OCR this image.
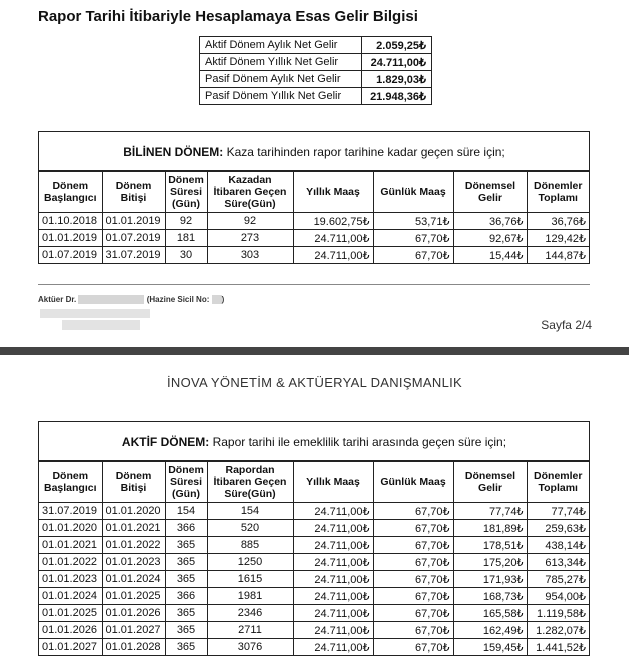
Rapor Tarihi İtibariyle Hesaplamaya Esas Gelir Bilgisi
Aktif Dönem Aylık Net Gelir	2.059,25₺
Aktif Dönem Yıllık Net Gelir	24.711,00₺
Pasif Dönem Aylık Net Gelir	1.829,03₺
Pasif Dönem Yıllık Net Gelir	21.948,36₺
BİLİNEN DÖNEM: Kaza tarihinden rapor tarihine kadar geçen süre için;
Dönem Başlangıcı	Dönem Bitişi	Dönem Süresi (Gün)	Kazadan İtibaren Geçen Süre(Gün)	Yıllık Maaş	Günlük Maaş	Dönemsel Gelir	Dönemler Toplamı
01.10.2018	01.01.2019	92	92	19.602,75₺	53,71₺	36,76₺	36,76₺
01.01.2019	01.07.2019	181	273	24.711,00₺	67,70₺	92,67₺	129,42₺
01.07.2019	31.07.2019	30	303	24.711,00₺	67,70₺	15,44₺	144,87₺
Aktüer Dr.	(Hazine Sicil No: )
Sayfa 2/4
İNOVA YÖNETİM & AKTÜERYAL DANIŞMANLIK
AKTİF DÖNEM: Rapor tarihi ile emeklilik tarihi arasında geçen süre için;
Dönem Başlangıcı	Dönem Bitişi	Dönem Süresi (Gün)	Rapordan İtibaren Geçen Süre(Gün)	Yıllık Maaş	Günlük Maaş	Dönemsel Gelir	Dönemler Toplamı
31.07.2019	01.01.2020	154	154	24.711,00₺	67,70₺	77,74₺	77,74₺
01.01.2020	01.01.2021	366	520	24.711,00₺	67,70₺	181,89₺	259,63₺
01.01.2021	01.01.2022	365	885	24.711,00₺	67,70₺	178,51₺	438,14₺
01.01.2022	01.01.2023	365	1250	24.711,00₺	67,70₺	175,20₺	613,34₺
01.01.2023	01.01.2024	365	1615	24.711,00₺	67,70₺	171,93₺	785,27₺
01.01.2024	01.01.2025	366	1981	24.711,00₺	67,70₺	168,73₺	954,00₺
01.01.2025	01.01.2026	365	2346	24.711,00₺	67,70₺	165,58₺	1.119,58₺
01.01.2026	01.01.2027	365	2711	24.711,00₺	67,70₺	162,49₺	1.282,07₺
01.01.2027	01.01.2028	365	3076	24.711,00₺	67,70₺	159,45₺	1.441,52₺
